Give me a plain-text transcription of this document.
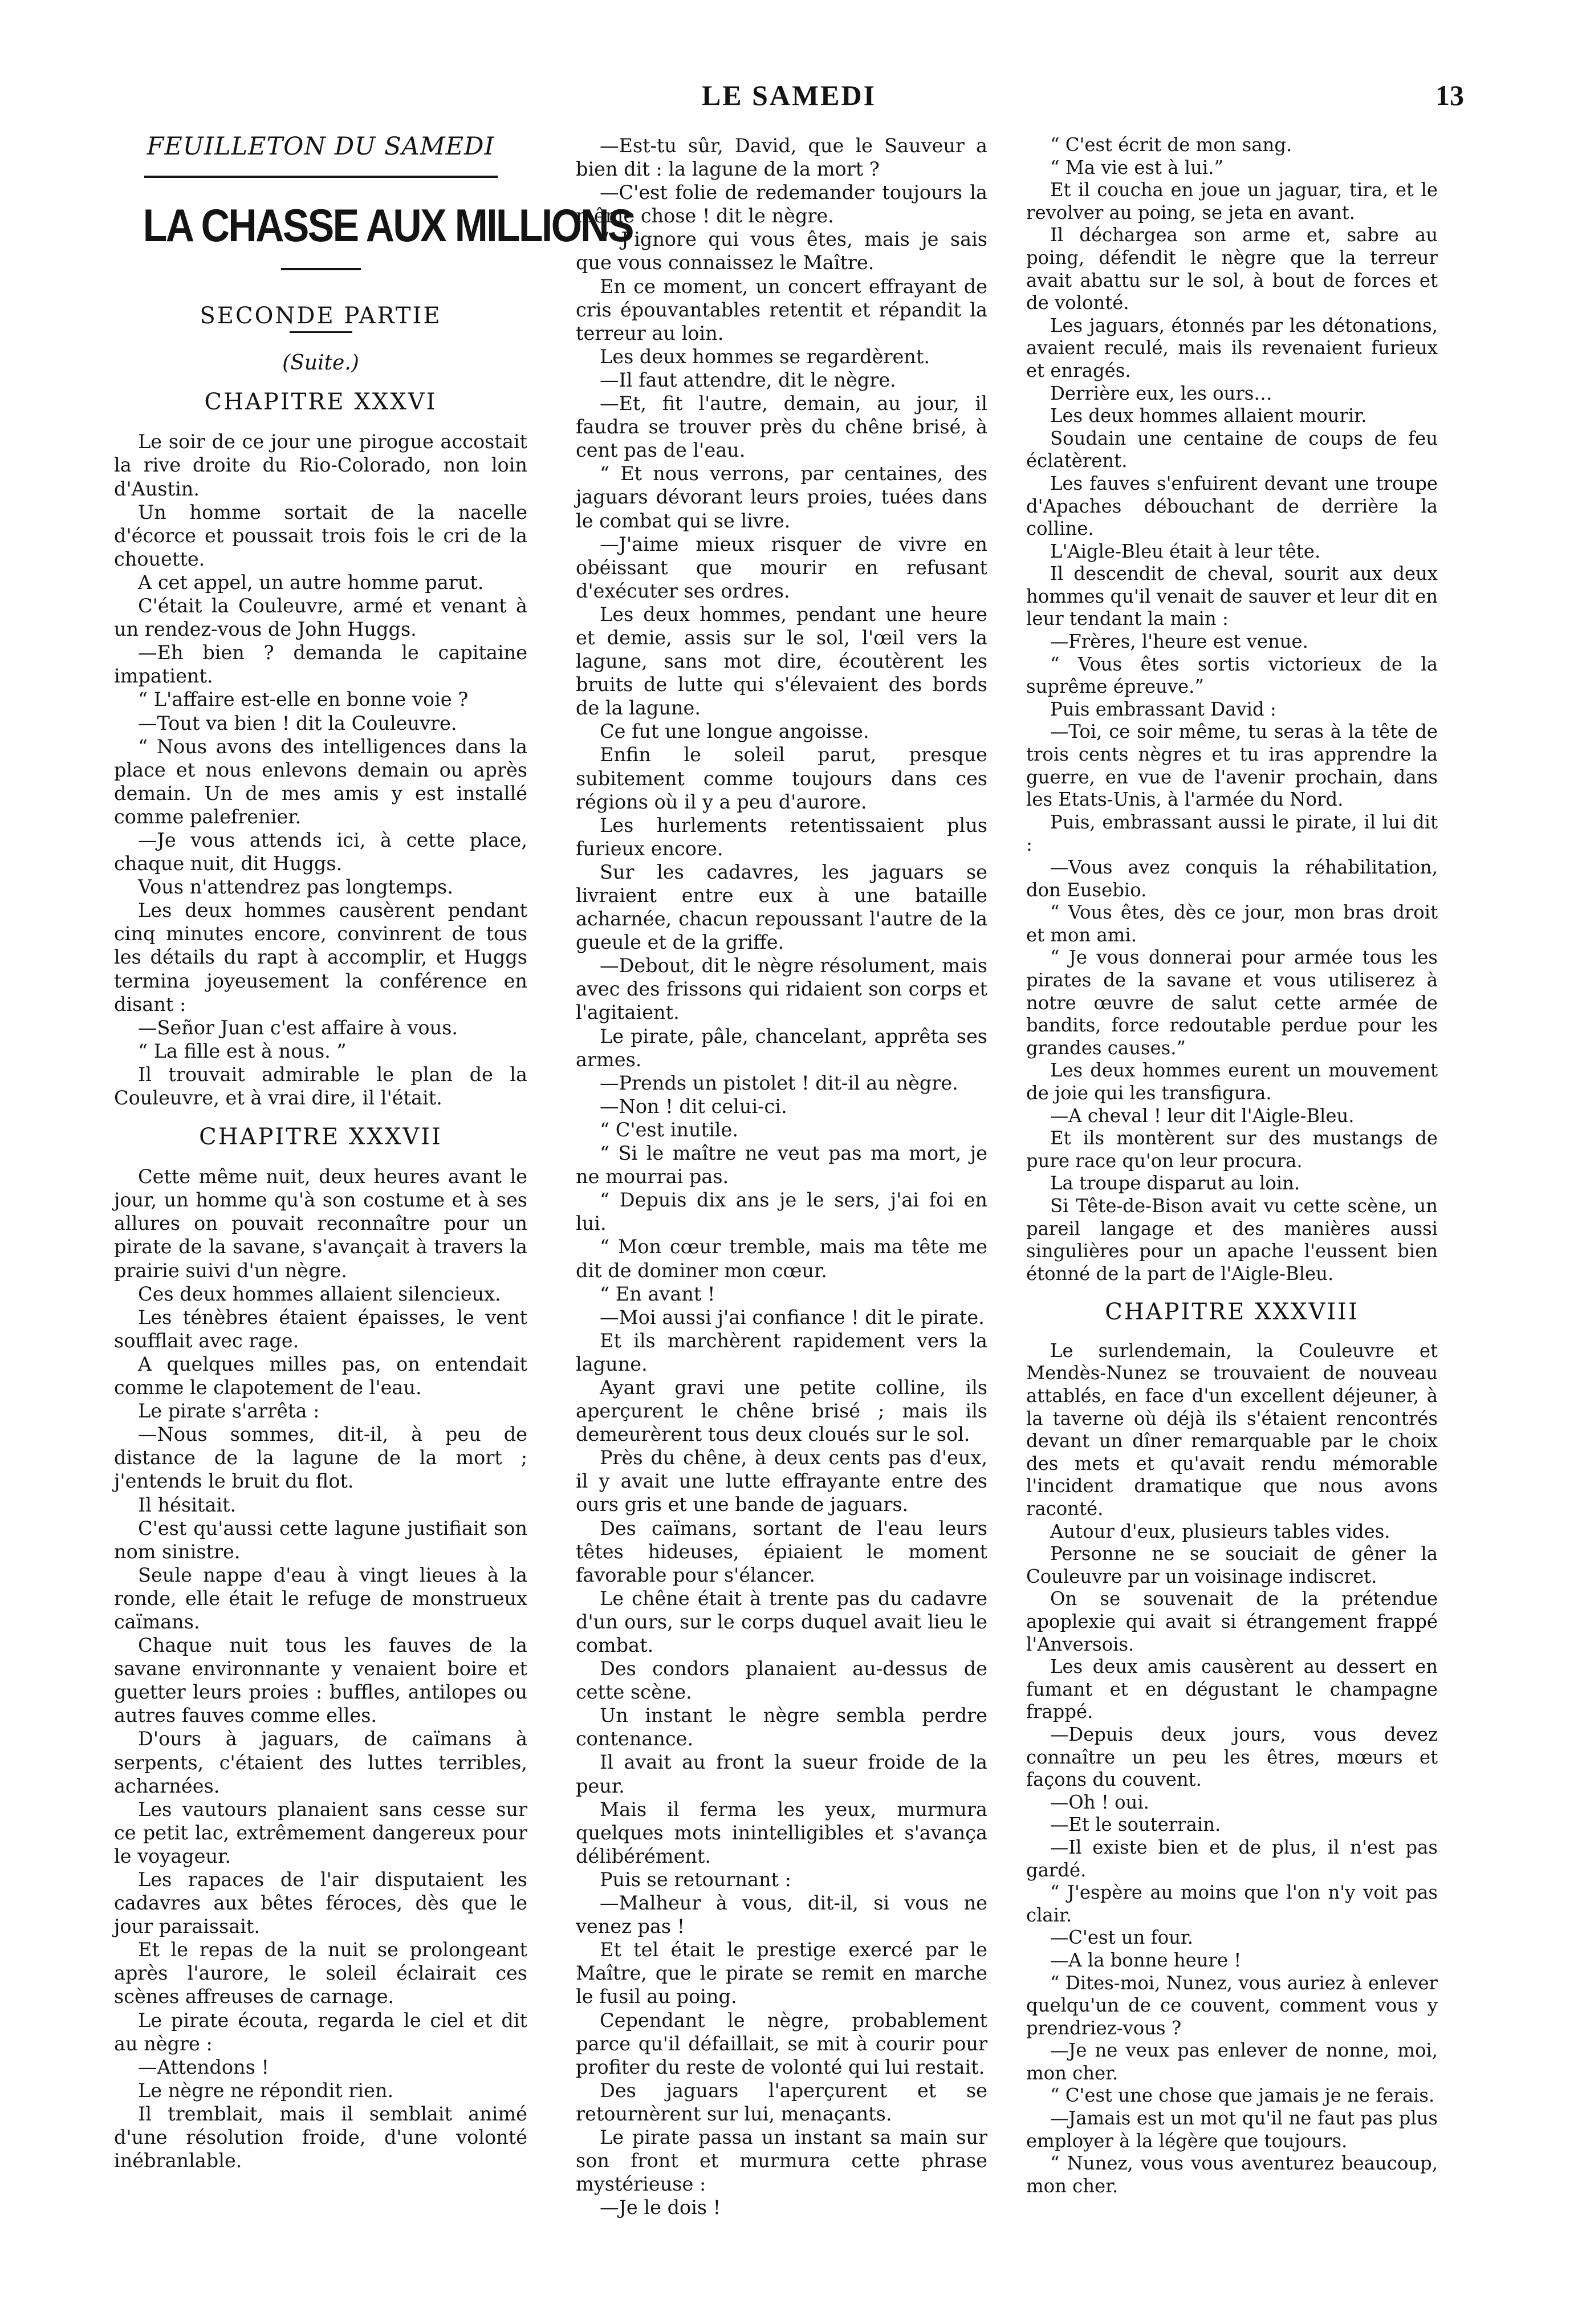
LE SAMEDI	13
FEUILLETON DU SAMEDI
LA CHASSE AUX MILLIONS
SECONDE PARTIE
(Suite.)
CHAPITRE XXXVI

Le soir de ce jour une pirogue accostait la rive droite du Rio-Colorado, non loin d'Austin.

Un homme sortait de la nacelle d'écorce et poussait trois fois le cri de la chouette.

A cet appel, un autre homme parut.

C'était la Couleuvre, armé et venant à un rendez-vous de John Huggs.

—Eh bien ? demanda le capitaine impatient.

“ L'affaire est-elle en bonne voie ?

—Tout va bien ! dit la Couleuvre.

“ Nous avons des intelligences dans la place et nous enlevons demain ou après demain. Un de mes amis y est installé comme palefrenier.

—Je vous attends ici, à cette place, chaque nuit, dit Huggs.

Vous n'attendrez pas longtemps.

Les deux hommes causèrent pendant cinq minutes encore, convinrent de tous les détails du rapt à accomplir, et Huggs termina joyeusement la conférence en disant :

—Señor Juan c'est affaire à vous.

“ La fille est à nous. ”

Il trouvait admirable le plan de la Couleuvre, et à vrai dire, il l'était.

CHAPITRE XXXVII

Cette même nuit, deux heures avant le jour, un homme qu'à son costume et à ses allures on pouvait reconnaître pour un pirate de la savane, s'avançait à travers la prairie suivi d'un nègre.

Ces deux hommes allaient silencieux.

Les ténèbres étaient épaisses, le vent soufflait avec rage.

A quelques milles pas, on entendait comme le clapotement de l'eau.

Le pirate s'arrêta :

—Nous sommes, dit-il, à peu de distance de la lagune de la mort ; j'entends le bruit du flot.

Il hésitait.

C'est qu'aussi cette lagune justifiait son nom sinistre.

Seule nappe d'eau à vingt lieues à la ronde, elle était le refuge de monstrueux caïmans.

Chaque nuit tous les fauves de la savane environnante y venaient boire et guetter leurs proies : buffles, antilopes ou autres fauves comme elles.

D'ours à jaguars, de caïmans à serpents, c'étaient des luttes terribles, acharnées.

Les vautours planaient sans cesse sur ce petit lac, extrêmement dangereux pour le voyageur.

Les rapaces de l'air disputaient les cadavres aux bêtes féroces, dès que le jour paraissait.

Et le repas de la nuit se prolongeant après l'aurore, le soleil éclairait ces scènes affreuses de carnage.

Le pirate écouta, regarda le ciel et dit au nègre :

—Attendons !

Le nègre ne répondit rien.

Il tremblait, mais il semblait animé d'une résolution froide, d'une volonté inébranlable.

—Est-tu sûr, David, que le Sauveur a bien dit : la lagune de la mort ?

—C'est folie de redemander toujours la même chose ! dit le nègre.

“ J'ignore qui vous êtes, mais je sais que vous connaissez le Maître.

En ce moment, un concert effrayant de cris épouvantables retentit et répandit la terreur au loin.

Les deux hommes se regardèrent.

—Il faut attendre, dit le nègre.

—Et, fit l'autre, demain, au jour, il faudra se trouver près du chêne brisé, à cent pas de l'eau.

“ Et nous verrons, par centaines, des jaguars dévorant leurs proies, tuées dans le combat qui se livre.

—J'aime mieux risquer de vivre en obéissant que mourir en refusant d'exécuter ses ordres.

Les deux hommes, pendant une heure et demie, assis sur le sol, l'œil vers la lagune, sans mot dire, écoutèrent les bruits de lutte qui s'élevaient des bords de la lagune.

Ce fut une longue angoisse.

Enfin le soleil parut, presque subitement comme toujours dans ces régions où il y a peu d'aurore.

Les hurlements retentissaient plus furieux encore.

Sur les cadavres, les jaguars se livraient entre eux à une bataille acharnée, chacun repoussant l'autre de la gueule et de la griffe.

—Debout, dit le nègre résolument, mais avec des frissons qui ridaient son corps et l'agitaient.

Le pirate, pâle, chancelant, apprêta ses armes.

—Prends un pistolet ! dit-il au nègre.

—Non ! dit celui-ci.

“ C'est inutile.

“ Si le maître ne veut pas ma mort, je ne mourrai pas.

“ Depuis dix ans je le sers, j'ai foi en lui.

“ Mon cœur tremble, mais ma tête me dit de dominer mon cœur.

“ En avant !

—Moi aussi j'ai confiance ! dit le pirate.

Et ils marchèrent rapidement vers la lagune.

Ayant gravi une petite colline, ils aperçurent le chêne brisé ; mais ils demeurèrent tous deux cloués sur le sol.

Près du chêne, à deux cents pas d'eux, il y avait une lutte effrayante entre des ours gris et une bande de jaguars.

Des caïmans, sortant de l'eau leurs têtes hideuses, épiaient le moment favorable pour s'élancer.

Le chêne était à trente pas du cadavre d'un ours, sur le corps duquel avait lieu le combat.

Des condors planaient au-dessus de cette scène.

Un instant le nègre sembla perdre contenance.

Il avait au front la sueur froide de la peur.

Mais il ferma les yeux, murmura quelques mots inintelligibles et s'avança délibérément.

Puis se retournant :

—Malheur à vous, dit-il, si vous ne venez pas !

Et tel était le prestige exercé par le Maître, que le pirate se remit en marche le fusil au poing.

Cependant le nègre, probablement parce qu'il défaillait, se mit à courir pour profiter du reste de volonté qui lui restait.

Des jaguars l'aperçurent et se retournèrent sur lui, menaçants.

Le pirate passa un instant sa main sur son front et murmura cette phrase mystérieuse :

—Je le dois !

“ C'est écrit de mon sang.

“ Ma vie est à lui.”

Et il coucha en joue un jaguar, tira, et le revolver au poing, se jeta en avant.

Il déchargea son arme et, sabre au poing, défendit le nègre que la terreur avait abattu sur le sol, à bout de forces et de volonté.

Les jaguars, étonnés par les détonations, avaient reculé, mais ils revenaient furieux et enragés.

Derrière eux, les ours…

Les deux hommes allaient mourir.

Soudain une centaine de coups de feu éclatèrent.

Les fauves s'enfuirent devant une troupe d'Apaches débouchant de derrière la colline.

L'Aigle-Bleu était à leur tête.

Il descendit de cheval, sourit aux deux hommes qu'il venait de sauver et leur dit en leur tendant la main :

—Frères, l'heure est venue.

“ Vous êtes sortis victorieux de la suprême épreuve.”

Puis embrassant David :

—Toi, ce soir même, tu seras à la tête de trois cents nègres et tu iras apprendre la guerre, en vue de l'avenir prochain, dans les Etats-Unis, à l'armée du Nord.

Puis, embrassant aussi le pirate, il lui dit :

—Vous avez conquis la réhabilitation, don Eusebio.

“ Vous êtes, dès ce jour, mon bras droit et mon ami.

“ Je vous donnerai pour armée tous les pirates de la savane et vous utiliserez à notre œuvre de salut cette armée de bandits, force redoutable perdue pour les grandes causes.”

Les deux hommes eurent un mouvement de joie qui les transfigura.

—A cheval ! leur dit l'Aigle-Bleu.

Et ils montèrent sur des mustangs de pure race qu'on leur procura.

La troupe disparut au loin.

Si Tête-de-Bison avait vu cette scène, un pareil langage et des manières aussi singulières pour un apache l'eussent bien étonné de la part de l'Aigle-Bleu.

CHAPITRE XXXVIII

Le surlendemain, la Couleuvre et Mendès-Nunez se trouvaient de nouveau attablés, en face d'un excellent déjeuner, à la taverne où déjà ils s'étaient rencontrés devant un dîner remarquable par le choix des mets et qu'avait rendu mémorable l'incident dramatique que nous avons raconté.

Autour d'eux, plusieurs tables vides.

Personne ne se souciait de gêner la Couleuvre par un voisinage indiscret.

On se souvenait de la prétendue apoplexie qui avait si étrangement frappé l'Anversois.

Les deux amis causèrent au dessert en fumant et en dégustant le champagne frappé.

—Depuis deux jours, vous devez connaître un peu les êtres, mœurs et façons du couvent.

—Oh ! oui.

—Et le souterrain.

—Il existe bien et de plus, il n'est pas gardé.

“ J'espère au moins que l'on n'y voit pas clair.

—C'est un four.

—A la bonne heure !

“ Dites-moi, Nunez, vous auriez à enlever quelqu'un de ce couvent, comment vous y prendriez-vous ?

—Je ne veux pas enlever de nonne, moi, mon cher.

“ C'est une chose que jamais je ne ferais.

—Jamais est un mot qu'il ne faut pas plus employer à la légère que toujours.

“ Nunez, vous vous aventurez beaucoup, mon cher.
